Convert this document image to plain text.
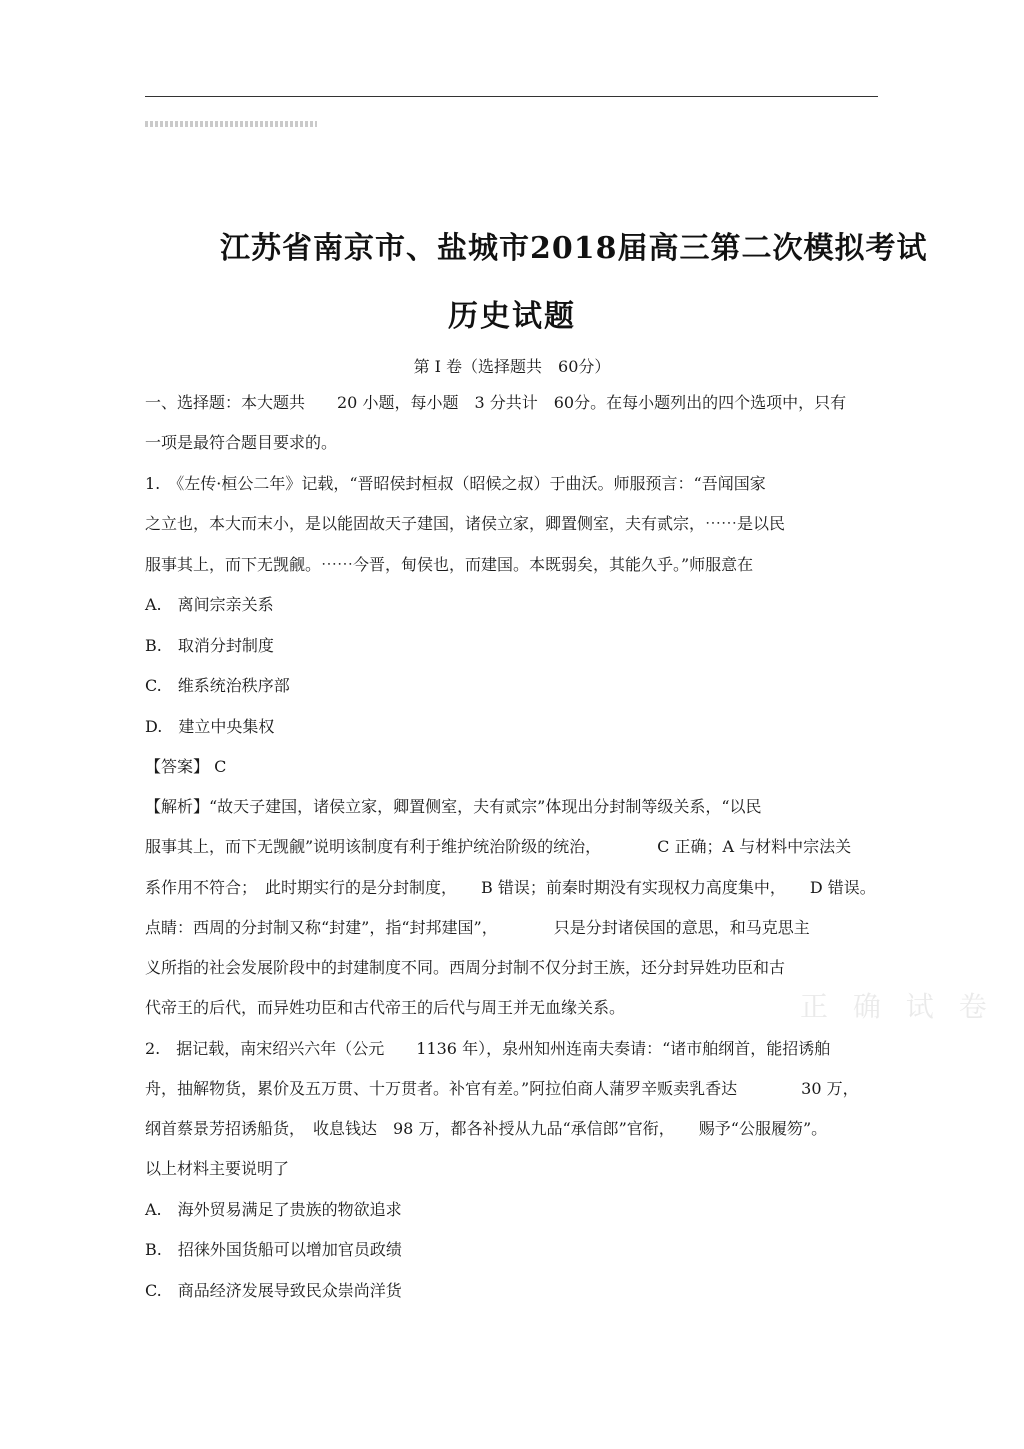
江苏省南京市、盐城市2018届高三第二次模拟考试
历史试题
第 I 卷（选择题共　60分）
一、选择题：本大题共　　20 小题，每小题　3 分共计　60分。在每小题列出的四个选项中，只有
一项是最符合题目要求的。
1.　《左传·桓公二年》记载，“晋昭侯封桓叔（昭候之叔）于曲沃。师服预言：“吾闻国家
之立也，本大而末小，是以能固故天子建国，诸侯立家，卿置侧室，夫有贰宗，⋯⋯是以民
服事其上，而下无觊觎。⋯⋯今晋，甸侯也，而建国。本既弱矣，其能久乎。”师服意在
A.　离间宗亲关系
B.　取消分封制度
C.　维系统治秩序部
D.　建立中央集权
【答案】 C
【解析】“故天子建国，诸侯立家，卿置侧室，夫有贰宗”体现出分封制等级关系，“以民
服事其上，而下无觊觎”说明该制度有利于维护统治阶级的统治，　　　　C 正确；A 与材料中宗法关
系作用不符合；　此时期实行的是分封制度，　　B 错误；前秦时期没有实现权力高度集中，　　D 错误。
点睛：西周的分封制又称“封建”，指“封邦建国”，　　　　只是分封诸侯国的意思，和马克思主
义所指的社会发展阶段中的封建制度不同。西周分封制不仅分封王族，还分封异姓功臣和古
代帝王的后代，而异姓功臣和古代帝王的后代与周王并无血缘关系。	正 确 试 卷
2.　据记载，南宋绍兴六年（公元　　1136 年），泉州知州连南夫奏请：“诸市舶纲首，能招诱舶
舟，抽解物货，累价及五万贯、十万贯者。补官有差。”阿拉伯商人蒲罗辛贩卖乳香达　　　　30 万，
纲首蔡景芳招诱船货，　收息钱达　98 万，都各补授从九品“承信郎”官衔，　　赐予“公服履笏”。
以上材料主要说明了
A.　海外贸易满足了贵族的物欲追求
B.　招徕外国货船可以增加官员政绩
C.　商品经济发展导致民众崇尚洋货
